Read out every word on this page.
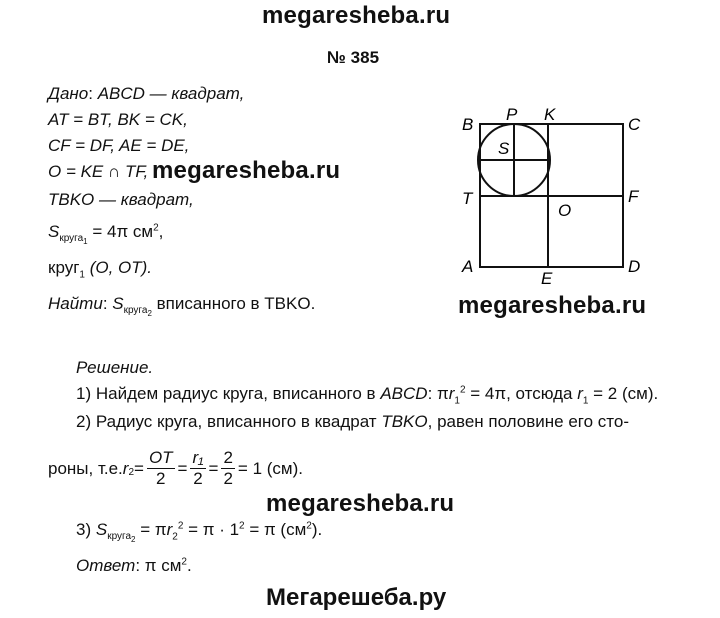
megaresheba.ru
№ 385
Дано: ABCD — квадрат,
AT = BT, BK = CK,
CF = DF, AE = DE,
O = KE ∩ TF,
TBKO — квадрат,
$S_{круга_1} = 4\pi$ $см^2$,
круг$_1$ (O, OT).
Найти: $S_{круга_2}$ вписанного в TBKO.
megaresheba.ru
megaresheba.ru
megaresheba.ru
B
P K
C
S
T	F
O
A
E
D
Решение.
1) Найдем радиус круга, вписанного в ABCD: $\pi r_1^2 = 4\pi$, отсюда $r_1 = 2$ (см).
2) Радиус круга, вписанного в квадрат TBKO, равен половине его сто-
роны, т.е. $r_2 = \frac{OT}{2} = \frac{\text{r₁}}{2} = \frac{2}{2} = 1$ (см).
3) $S_{круга_2} = \pi r_2^2 = \pi \cdot 1^2 = \pi$ $(см^2)$.
Ответ: π $см^2$.
Мегарешеба.ру
